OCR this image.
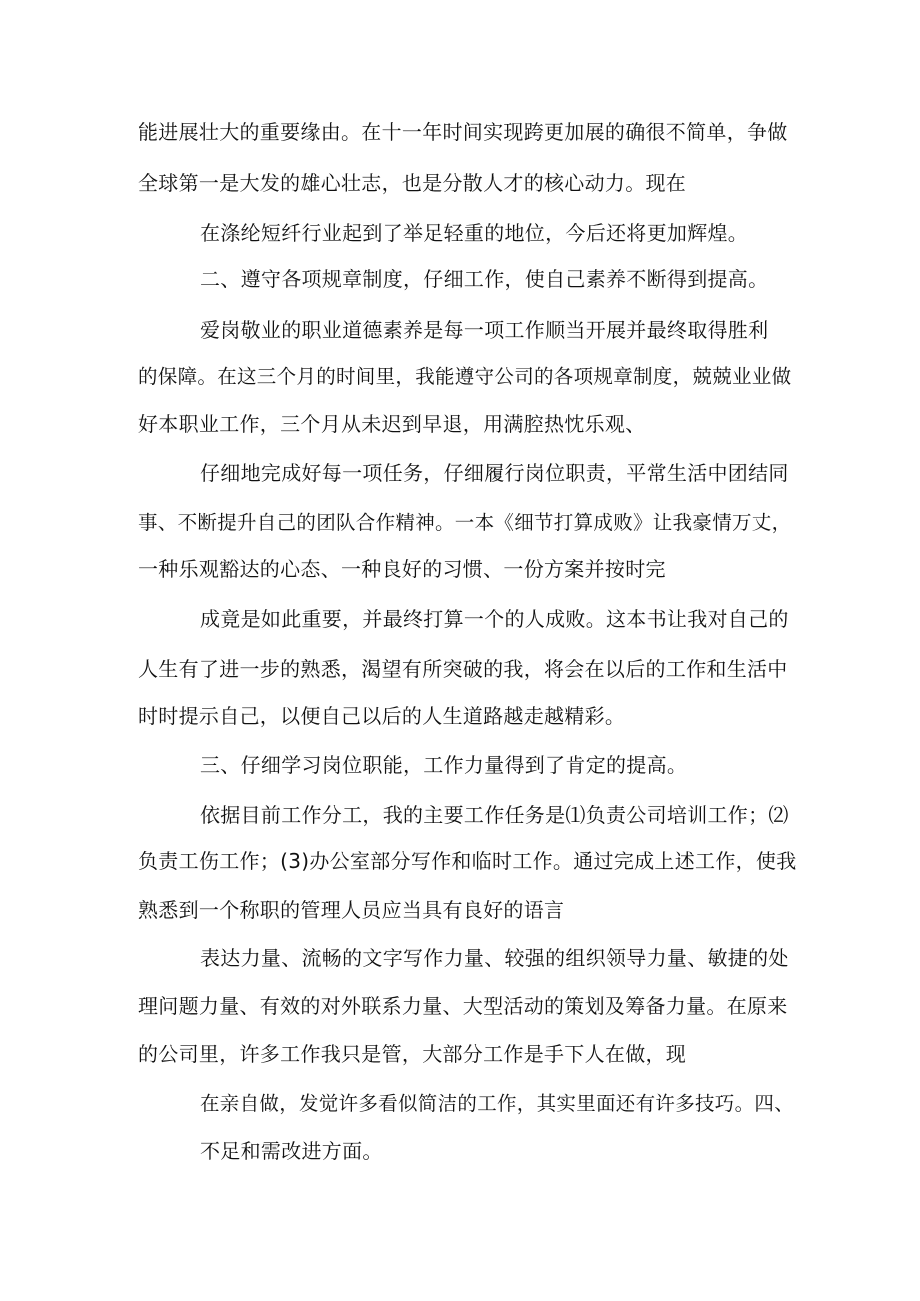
能进展壮大的重要缘由。在十一年时间实现跨更加展的确很不简单，争做
全球第一是大发的雄心壮志，也是分散人才的核心动力。现在
在涤纶短纤行业起到了举足轻重的地位，今后还将更加辉煌。
二、遵守各项规章制度，仔细工作，使自己素养不断得到提高。
爱岗敬业的职业道德素养是每一项工作顺当开展并最终取得胜利
的保障。在这三个月的时间里，我能遵守公司的各项规章制度，兢兢业业做
好本职业工作，三个月从未迟到早退，用满腔热忱乐观、
仔细地完成好每一项任务，仔细履行岗位职责，平常生活中团结同
事、不断提升自己的团队合作精神。一本《细节打算成败》让我豪情万丈，
一种乐观豁达的心态、一种良好的习惯、一份方案并按时完
成竟是如此重要，并最终打算一个的人成败。这本书让我对自己的
人生有了进一步的熟悉，渴望有所突破的我，将会在以后的工作和生活中
时时提示自己，以便自己以后的人生道路越走越精彩。
三、仔细学习岗位职能，工作力量得到了肯定的提高。
依据目前工作分工，我的主要工作任务是⑴负责公司培训工作；⑵
负责工伤工作；(3)办公室部分写作和临时工作。通过完成上述工作，使我
熟悉到一个称职的管理人员应当具有良好的语言
表达力量、流畅的文字写作力量、较强的组织领导力量、敏捷的处
理问题力量、有效的对外联系力量、大型活动的策划及筹备力量。在原来
的公司里，许多工作我只是管，大部分工作是手下人在做，现
在亲自做，发觉许多看似简洁的工作，其实里面还有许多技巧。四、
不足和需改进方面。
